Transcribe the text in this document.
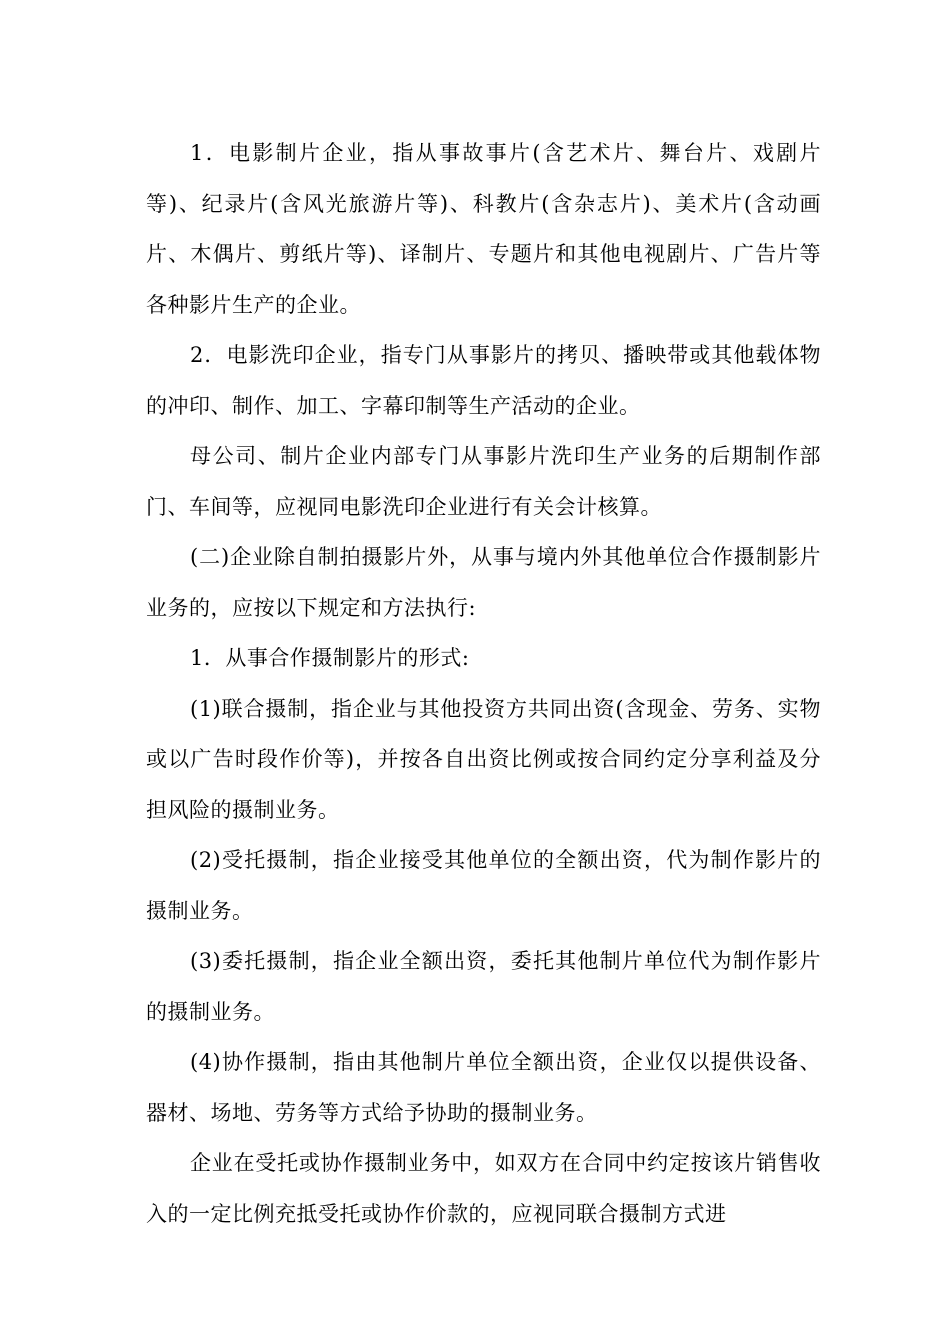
1．电影制片企业，指从事故事片(含艺术片、舞台片、戏剧片等)、纪录片(含风光旅游片等)、科教片(含杂志片)、美术片(含动画片、木偶片、剪纸片等)、译制片、专题片和其他电视剧片、广告片等各种影片生产的企业。

2．电影洗印企业，指专门从事影片的拷贝、播映带或其他载体物的冲印、制作、加工、字幕印制等生产活动的企业。

母公司、制片企业内部专门从事影片洗印生产业务的后期制作部门、车间等，应视同电影洗印企业进行有关会计核算。

(二)企业除自制拍摄影片外，从事与境内外其他单位合作摄制影片业务的，应按以下规定和方法执行:

1．从事合作摄制影片的形式:

(1)联合摄制，指企业与其他投资方共同出资(含现金、劳务、实物或以广告时段作价等)，并按各自出资比例或按合同约定分享利益及分担风险的摄制业务。

(2)受托摄制，指企业接受其他单位的全额出资，代为制作影片的摄制业务。

(3)委托摄制，指企业全额出资，委托其他制片单位代为制作影片的摄制业务。

(4)协作摄制，指由其他制片单位全额出资，企业仅以提供设备、器材、场地、劳务等方式给予协助的摄制业务。

企业在受托或协作摄制业务中，如双方在合同中约定按该片销售收入的一定比例充抵受托或协作价款的，应视同联合摄制方式进
